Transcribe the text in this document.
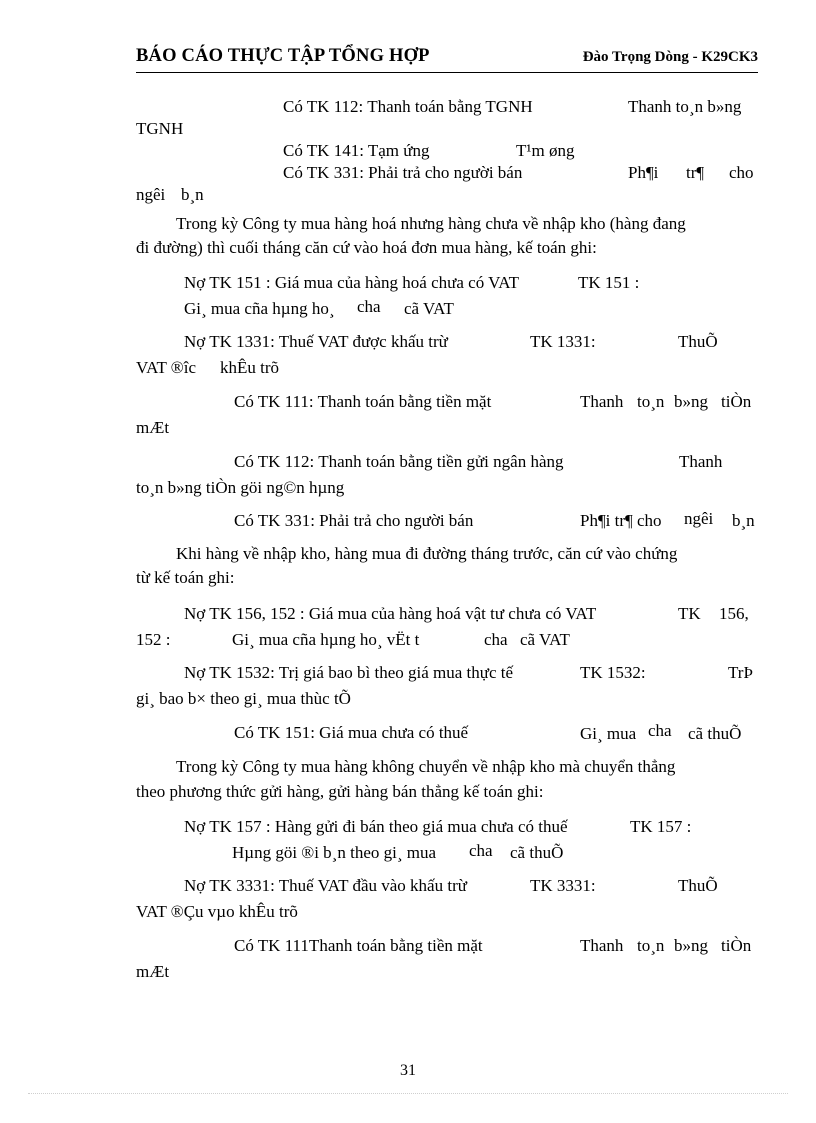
BÁO CÁO THỰC TẬP TỔNG HỢP	Đào Trọng Dòng - K29CK3
Có TK 112: Thanh toán bằng TGNH	Thanh to¸n b»ng
TGNH
Có TK 141: Tạm ứng	T¹m øng
Có TK 331: Phải trả cho người bán	Ph¶i tr¶ cho
ngêi b¸n
Trong kỳ Công ty mua hàng hoá nhưng hàng chưa về nhập kho (hàng đang
đi đường) thì cuối tháng căn cứ vào hoá đơn mua hàng, kế toán ghi:
Nợ TK 151 : Giá mua của hàng hoá chưa có VAT	TK 151 :
Gi¸ mua cña hµng ho¸ cha cã VAT
Nợ TK 1331: Thuế VAT được khấu trừ	TK 1331:	ThuÕ
VAT ®îc khÊu trõ
Có TK 111: Thanh toán bằng tiền mặt	Thanh to¸n b»ng tiÒn
mÆt
Có TK 112: Thanh toán bằng tiền gửi ngân hàng	Thanh
to¸n b»ng tiÒn göi ng©n hµng
Có TK 331: Phải trả cho người bán	Ph¶i tr¶ cho ngêi b¸n
Khi hàng về nhập kho, hàng mua đi đường tháng trước, căn cứ vào chứng
từ kế toán ghi:
Nợ TK 156, 152 : Giá mua của hàng hoá vật tư chưa có VAT	TK 156,
152 :	Gi¸ mua cña hµng ho¸ vËt t	cha cã VAT
Nợ TK 1532: Trị giá bao bì theo giá mua thực tế	TK 1532:	TrÞ
gi¸ bao b× theo gi¸ mua thùc tÕ
Có TK 151: Giá mua chưa có thuế	Gi¸ mua cha cã thuÕ
Trong kỳ Công ty mua hàng không chuyển về nhập kho mà chuyển thẳng
theo phương thức gửi hàng, gửi hàng bán thẳng kế toán ghi:
Nợ TK 157 : Hàng gửi đi bán theo giá mua chưa có thuế	TK 157 :
Hµng göi ®i b¸n theo gi¸ mua cha cã thuÕ
Nợ TK 3331: Thuế VAT đầu vào khấu trừ	TK 3331:	ThuÕ
VAT ®Çu vµo khÊu trõ
Có TK 111Thanh toán bằng tiền mặt	Thanh to¸n b»ng tiÒn
mÆt
31
